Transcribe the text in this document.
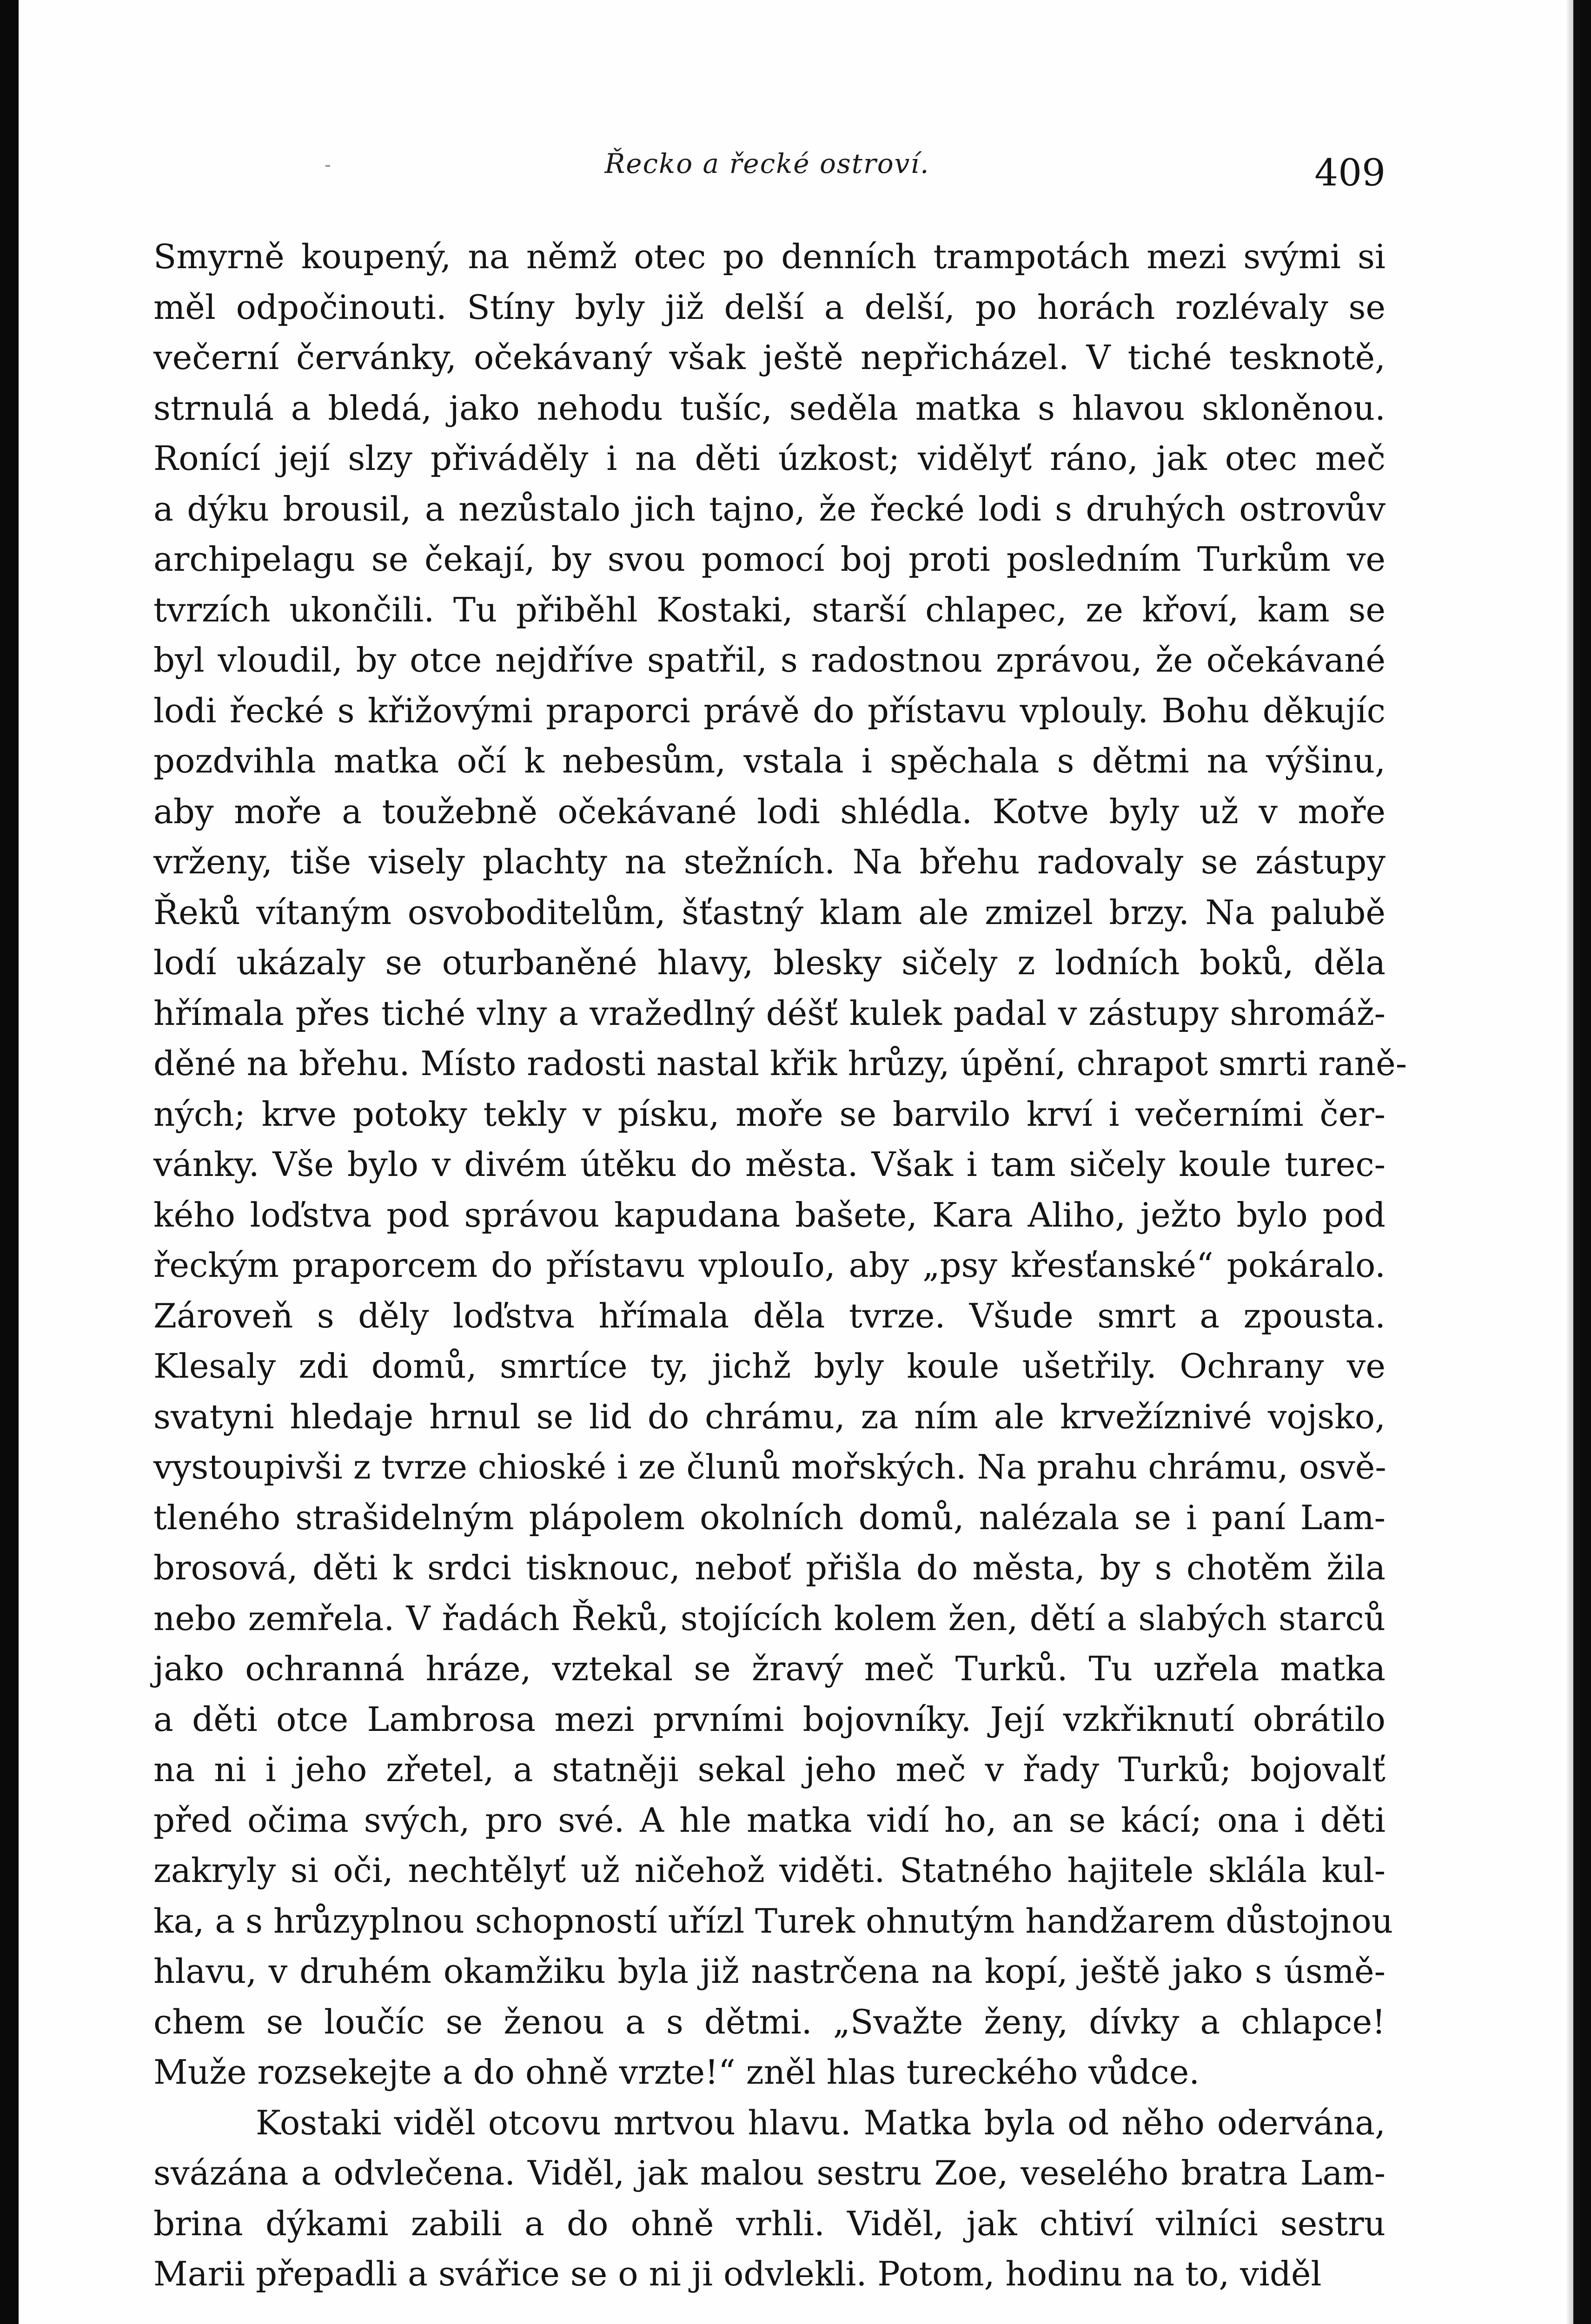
Řecko a řecké ostroví.	409
Smyrně koupený, na němž otec po denních trampotách mezi svými si
měl odpočinouti. Stíny byly již delší a delší, po horách rozlévaly se
večerní červánky, očekávaný však ještě nepřicházel. V tiché tesknotě,
strnulá a bledá, jako nehodu tušíc, seděla matka s hlavou skloněnou.
Ronící její slzy přiváděly i na děti úzkost; vidělyť ráno, jak otec meč
a dýku brousil, a nezůstalo jich tajno, že řecké lodi s druhých ostrovův
archipelagu se čekají, by svou pomocí boj proti posledním Turkům ve
tvrzích ukončili. Tu přiběhl Kostaki, starší chlapec, ze křoví, kam se
byl vloudil, by otce nejdříve spatřil, s radostnou zprávou, že očekávané
lodi řecké s křižovými praporci právě do přístavu vplouly. Bohu děkujíc
pozdvihla matka očí k nebesům, vstala i spěchala s dětmi na výšinu,
aby moře a toužebně očekávané lodi shlédla. Kotve byly už v moře
vrženy, tiše visely plachty na stežních. Na břehu radovaly se zástupy
Řeků vítaným osvoboditelům, šťastný klam ale zmizel brzy. Na palubě
lodí ukázaly se oturbaněné hlavy, blesky sičely z lodních boků, děla
hřímala přes tiché vlny a vražedlný déšť kulek padal v zástupy shromáž-
děné na břehu. Místo radosti nastal křik hrůzy, úpění, chrapot smrti raně-
ných; krve potoky tekly v písku, moře se barvilo krví i večerními čer-
vánky. Vše bylo v divém útěku do města. Však i tam sičely koule turec-
kého loďstva pod správou kapudana bašete, Kara Aliho, ježto bylo pod
řeckým praporcem do přístavu vplouIo, aby „psy křesťanské“ pokáralo.
Zároveň s děly loďstva hřímala děla tvrze. Všude smrt a zpousta.
Klesaly zdi domů, smrtíce ty, jichž byly koule ušetřily. Ochrany ve
svatyni hledaje hrnul se lid do chrámu, za ním ale krvežíznivé vojsko,
vystoupivši z tvrze chioské i ze člunů mořských. Na prahu chrámu, osvě-
tleného strašidelným plápolem okolních domů, nalézala se i paní Lam-
brosová, děti k srdci tisknouc, neboť přišla do města, by s chotěm žila
nebo zemřela. V řadách Řeků, stojících kolem žen, dětí a slabých starců
jako ochranná hráze, vztekal se žravý meč Turků. Tu uzřela matka
a děti otce Lambrosa mezi prvními bojovníky. Její vzkřiknutí obrátilo
na ni i jeho zřetel, a statněji sekal jeho meč v řady Turků; bojovalť
před očima svých, pro své. A hle matka vidí ho, an se kácí; ona i děti
zakryly si oči, nechtělyť už ničehož viděti. Statného hajitele sklála kul-
ka, a s hrůzyplnou schopností uřízl Turek ohnutým handžarem důstojnou
hlavu, v druhém okamžiku byla již nastrčena na kopí, ještě jako s úsmě-
chem se loučíc se ženou a s dětmi. „Svažte ženy, dívky a chlapce!
Muže rozsekejte a do ohně vrzte!“ zněl hlas tureckého vůdce.
Kostaki viděl otcovu mrtvou hlavu. Matka byla od něho odervána,
svázána a odvlečena. Viděl, jak malou sestru Zoe, veselého bratra Lam-
brina dýkami zabili a do ohně vrhli. Viděl, jak chtiví vilníci sestru
Marii přepadli a svářice se o ni ji odvlekli. Potom, hodinu na to, viděl
